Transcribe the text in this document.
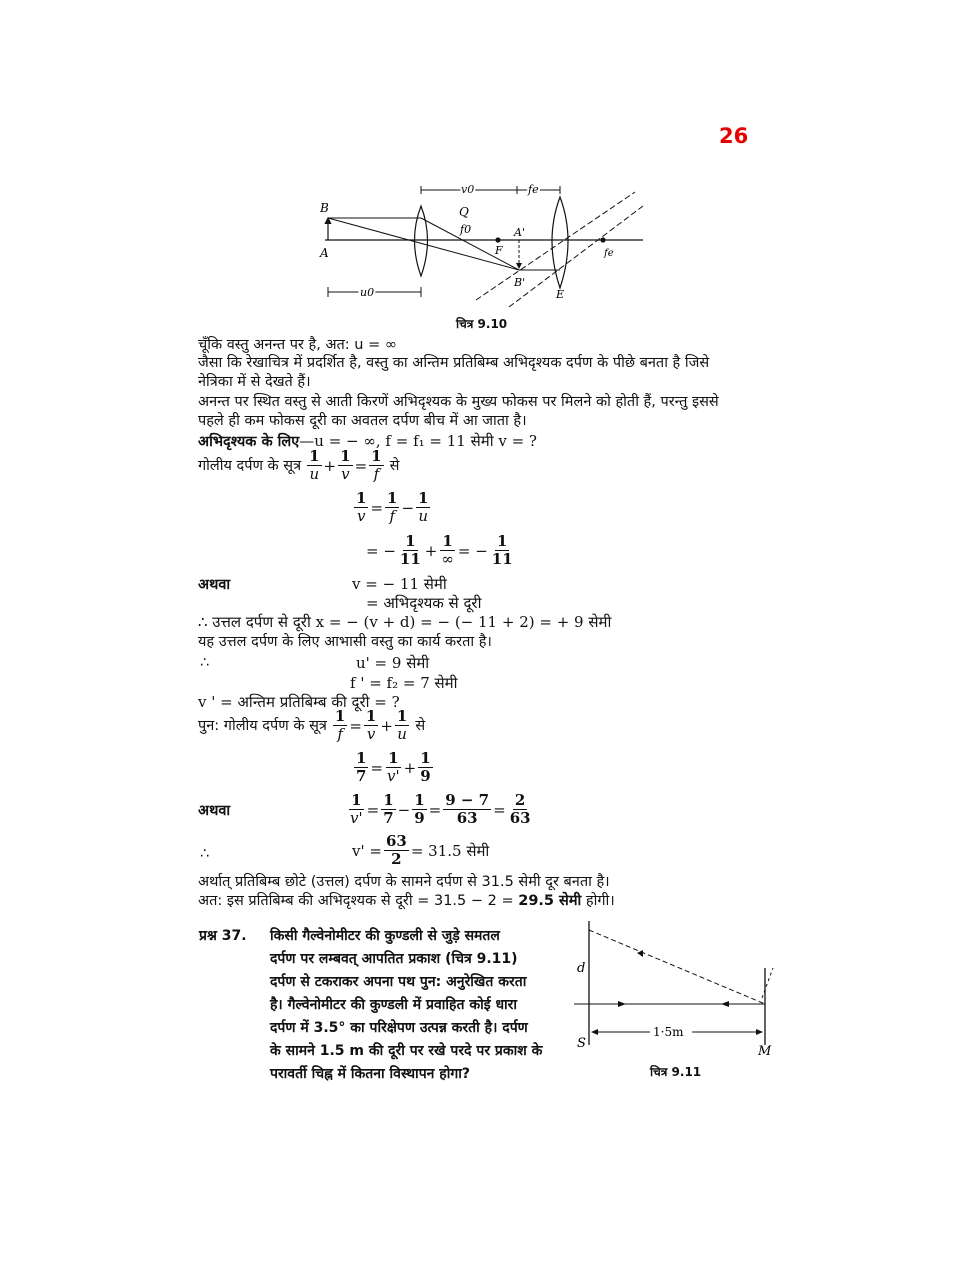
26
B
A
Q
f0
F
A'
B'
E
fe
v0	fe
u0
चित्र 9.10
चूँकि वस्तु अनन्त पर है, अत: u = ∞
जैसा कि रेखाचित्र में प्रदर्शित है, वस्तु का अन्तिम प्रतिबिम्ब अभिदृश्यक दर्पण के पीछे बनता है जिसे
नेत्रिका में से देखते हैं।
अनन्त पर स्थित वस्तु से आती किरणें अभिदृश्यक के मुख्य फोकस पर मिलने को होती हैं, परन्तु इससे
पहले ही कम फोकस दूरी का अवतल दर्पण बीच में आ जाता है।
अभिदृश्यक के लिए—u = − ∞, f = f₁ = 11 सेमी v = ?
गोलीय दर्पण के सूत्र $\frac{1}{u} + \frac{1}{v} = \frac{1}{f}$ से
$\frac{1}{v} = \frac{1}{f} - \frac{1}{u}$
= − $\frac{1}{11} + \frac{1}{\infty}$ = − $\frac{1}{11}$
अथवा	v = − 11 सेमी
= अभिदृश्यक से दूरी
∴ उत्तल दर्पण से दूरी x = − (v + d) = − (− 11 + 2) = + 9 सेमी
यह उत्तल दर्पण के लिए आभासी वस्तु का कार्य करता है।
∴	u' = 9 सेमी
f ' = f₂ = 7 सेमी
v ' = अन्तिम प्रतिबिम्ब की दूरी = ?
पुन: गोलीय दर्पण के सूत्र $\frac{1}{f} = \frac{1}{v} + \frac{1}{u}$ से
$\frac{1}{7} = \frac{1}{v'} + \frac{1}{9}$
अथवा	$\frac{1}{v'} = \frac{1}{7} - \frac{1}{9} = \frac{9 - 7}{63} = \frac{2}{63}$
∴	$v' = \frac{63}{2} = 31.5$ सेमी
अर्थात् प्रतिबिम्ब छोटे (उत्तल) दर्पण के सामने दर्पण से 31.5 सेमी दूर बनता है।
अत: इस प्रतिबिम्ब की अभिदृश्यक से दूरी = 31.5 − 2 = 29.5 सेमी होगी।
प्रश्न 37. किसी गैल्वेनोमीटर की कुण्डली से जुड़े समतल
दर्पण पर लम्बवत् आपतित प्रकाश (चित्र 9.11)
दर्पण से टकराकर अपना पथ पुन: अनुरेखित करता
है। गैल्वेनोमीटर की कुण्डली में प्रवाहित कोई धारा
दर्पण में 3.5° का परिक्षेपण उत्पन्न करती है। दर्पण
के सामने 1.5 m की दूरी पर रखे परदे पर प्रकाश के
परावर्ती चिह्न में कितना विस्थापन होगा?
d
S
M
1·5m
चित्र 9.11
